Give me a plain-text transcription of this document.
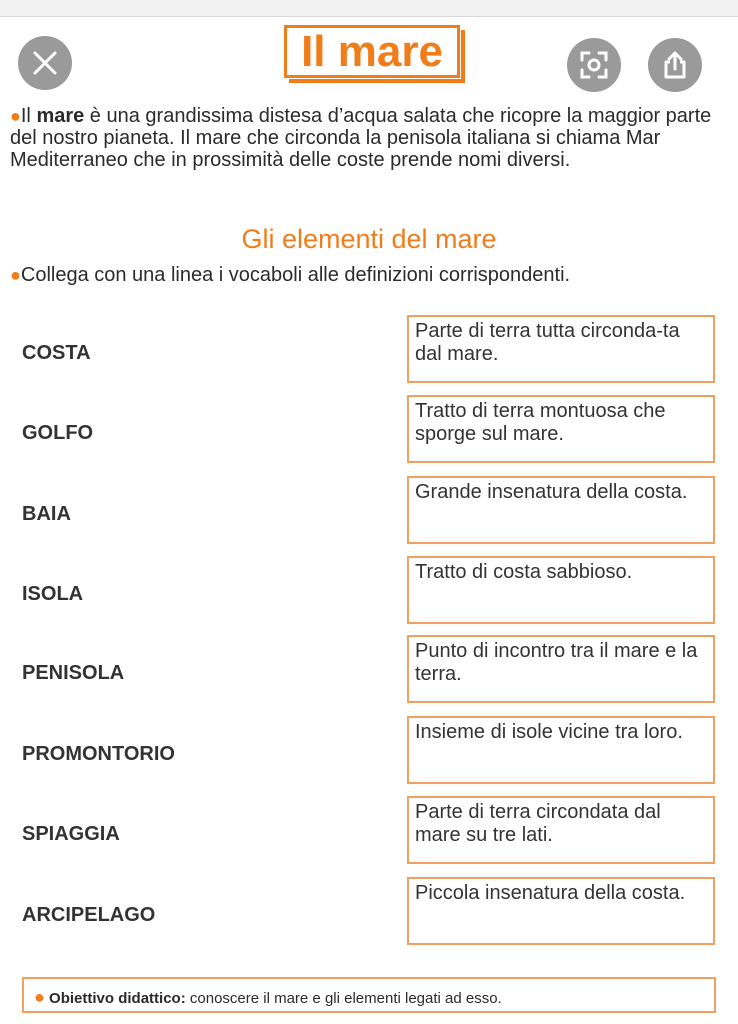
Il mare
●Il mare è una grandissima distesa d’acqua salata che ricopre la maggior parte del nostro pianeta. Il mare che circonda la penisola italiana si chiama Mar Mediterraneo che in prossimità delle coste prende nomi diversi.
Gli elementi del mare
●Collega con una linea i vocaboli alle definizioni corrispondenti.
COSTA
GOLFO
BAIA
ISOLA
PENISOLA
PROMONTORIO
SPIAGGIA
ARCIPELAGO
Parte di terra tutta circonda-ta dal mare.
Tratto di terra montuosa che sporge sul mare.
Grande insenatura della costa.
Tratto di costa sabbioso.
Punto di incontro tra il mare e la terra.
Insieme di isole vicine tra loro.
Parte di terra circondata dal mare su tre lati.
Piccola insenatura della costa.
● Obiettivo didattico: conoscere il mare e gli elementi legati ad esso.
